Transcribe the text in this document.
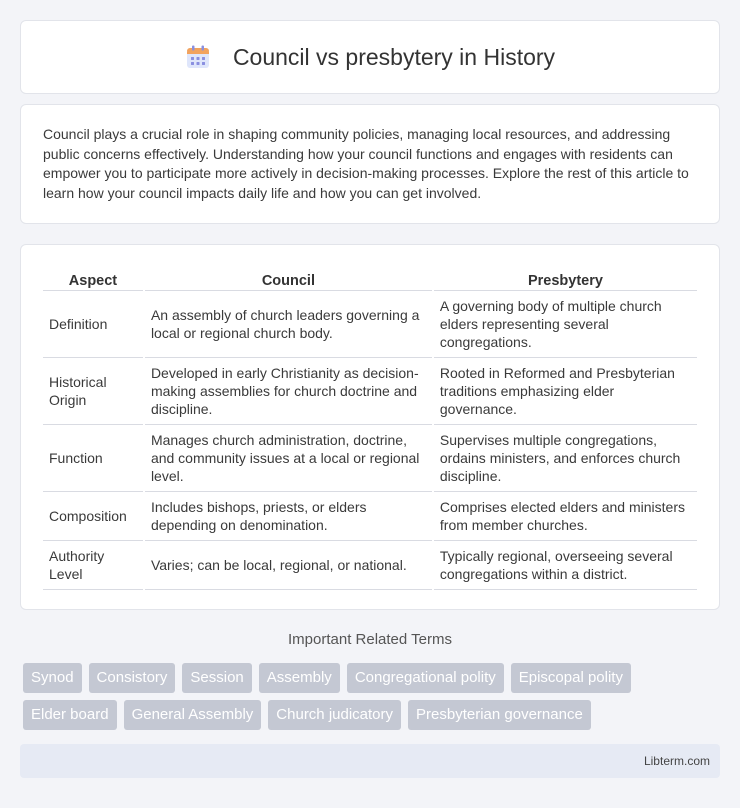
Council vs presbytery in History

Council plays a crucial role in shaping community policies, managing local resources, and addressing public concerns effectively. Understanding how your council functions and engages with residents can empower you to participate more actively in decision-making processes. Explore the rest of this article to learn how your council impacts daily life and how you can get involved.

Aspect	Council	Presbytery
Definition	An assembly of church leaders governing a local or regional church body.	A governing body of multiple church elders representing several congregations.
Historical Origin	Developed in early Christianity as decision-making assemblies for church doctrine and discipline.	Rooted in Reformed and Presbyterian traditions emphasizing elder governance.
Function	Manages church administration, doctrine, and community issues at a local or regional level.	Supervises multiple congregations, ordains ministers, and enforces church discipline.
Composition	Includes bishops, priests, or elders depending on denomination.	Comprises elected elders and ministers from member churches.
Authority Level	Varies; can be local, regional, or national.	Typically regional, overseeing several congregations within a district.
Important Related Terms
Synod	Consistory	Session	Assembly	Congregational polity	Episcopal polity
Elder board	General Assembly	Church judicatory	Presbyterian governance
Libterm.com
